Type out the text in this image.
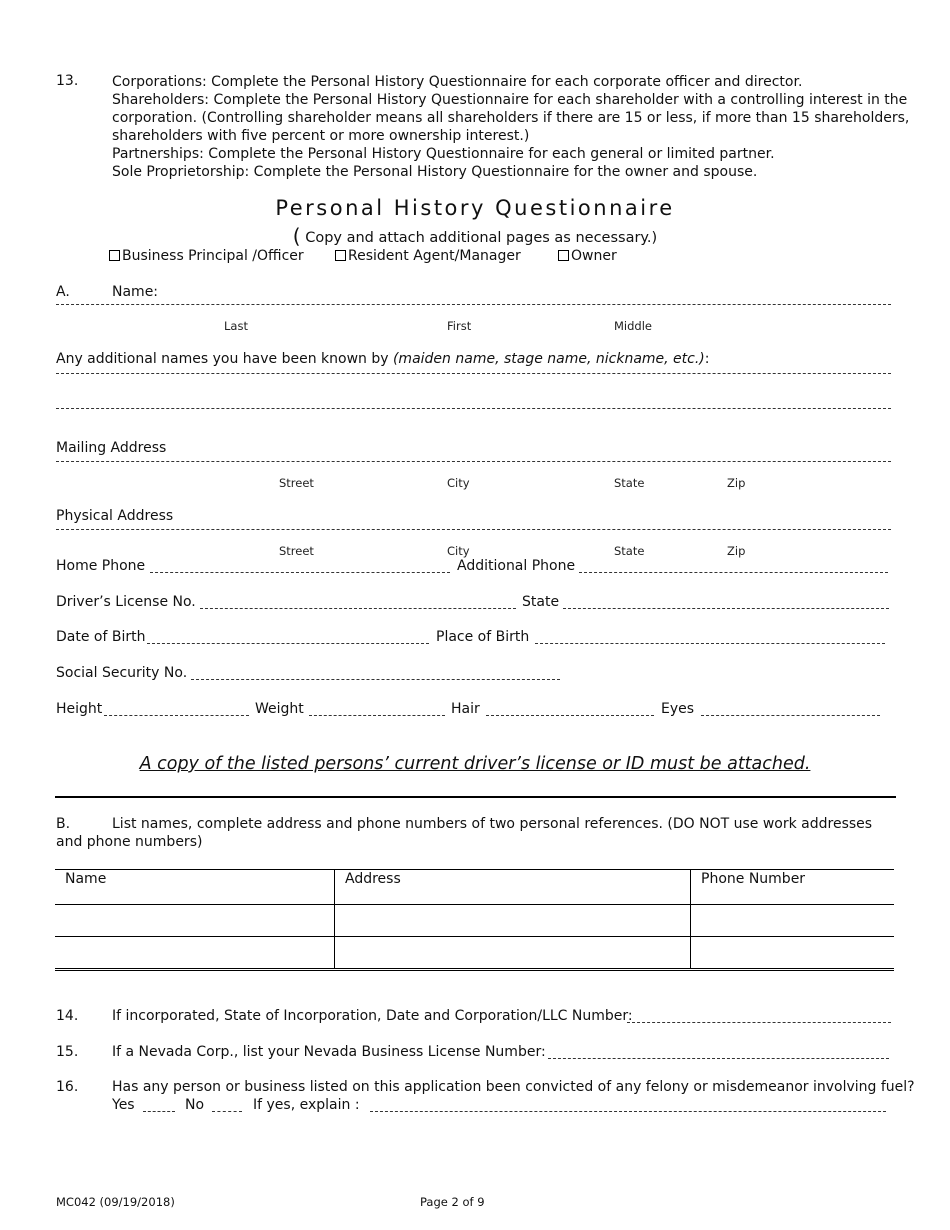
13. Corporations: Complete the Personal History Questionnaire for each corporate officer and director.
Shareholders: Complete the Personal History Questionnaire for each shareholder with a controlling interest in the
corporation. (Controlling shareholder means all shareholders if there are 15 or less, if more than 15 shareholders,
shareholders with five percent or more ownership interest.)
Partnerships: Complete the Personal History Questionnaire for each general or limited partner.
Sole Proprietorship: Complete the Personal History Questionnaire for the owner and spouse.
Personal History Questionnaire
( Copy and attach additional pages as necessary.)
Business Principal /Officer	Resident Agent/Manager	Owner
A.	Name:
Last	First	Middle
Any additional names you have been known by (maiden name, stage name, nickname, etc.):
Mailing Address
Street	City	State	Zip
Physical Address
Street	City	State	Zip
Home Phone	Additional Phone
Driver’s License No.	State
Date of Birth	Place of Birth
Social Security No.
Height	Weight	Hair	Eyes
A copy of the listed persons’ current driver’s license or ID must be attached.
B.	List names, complete address and phone numbers of two personal references. (DO NOT use work addresses
and phone numbers)
Name	Address	Phone Number

14. If incorporated, State of Incorporation, Date and Corporation/LLC Number:
15. If a Nevada Corp., list your Nevada Business License Number:
16. Has any person or business listed on this application been convicted of any felony or misdemeanor involving fuel?
Yes	No	If yes, explain :
MC042 (09/19/2018)	Page 2 of 9
